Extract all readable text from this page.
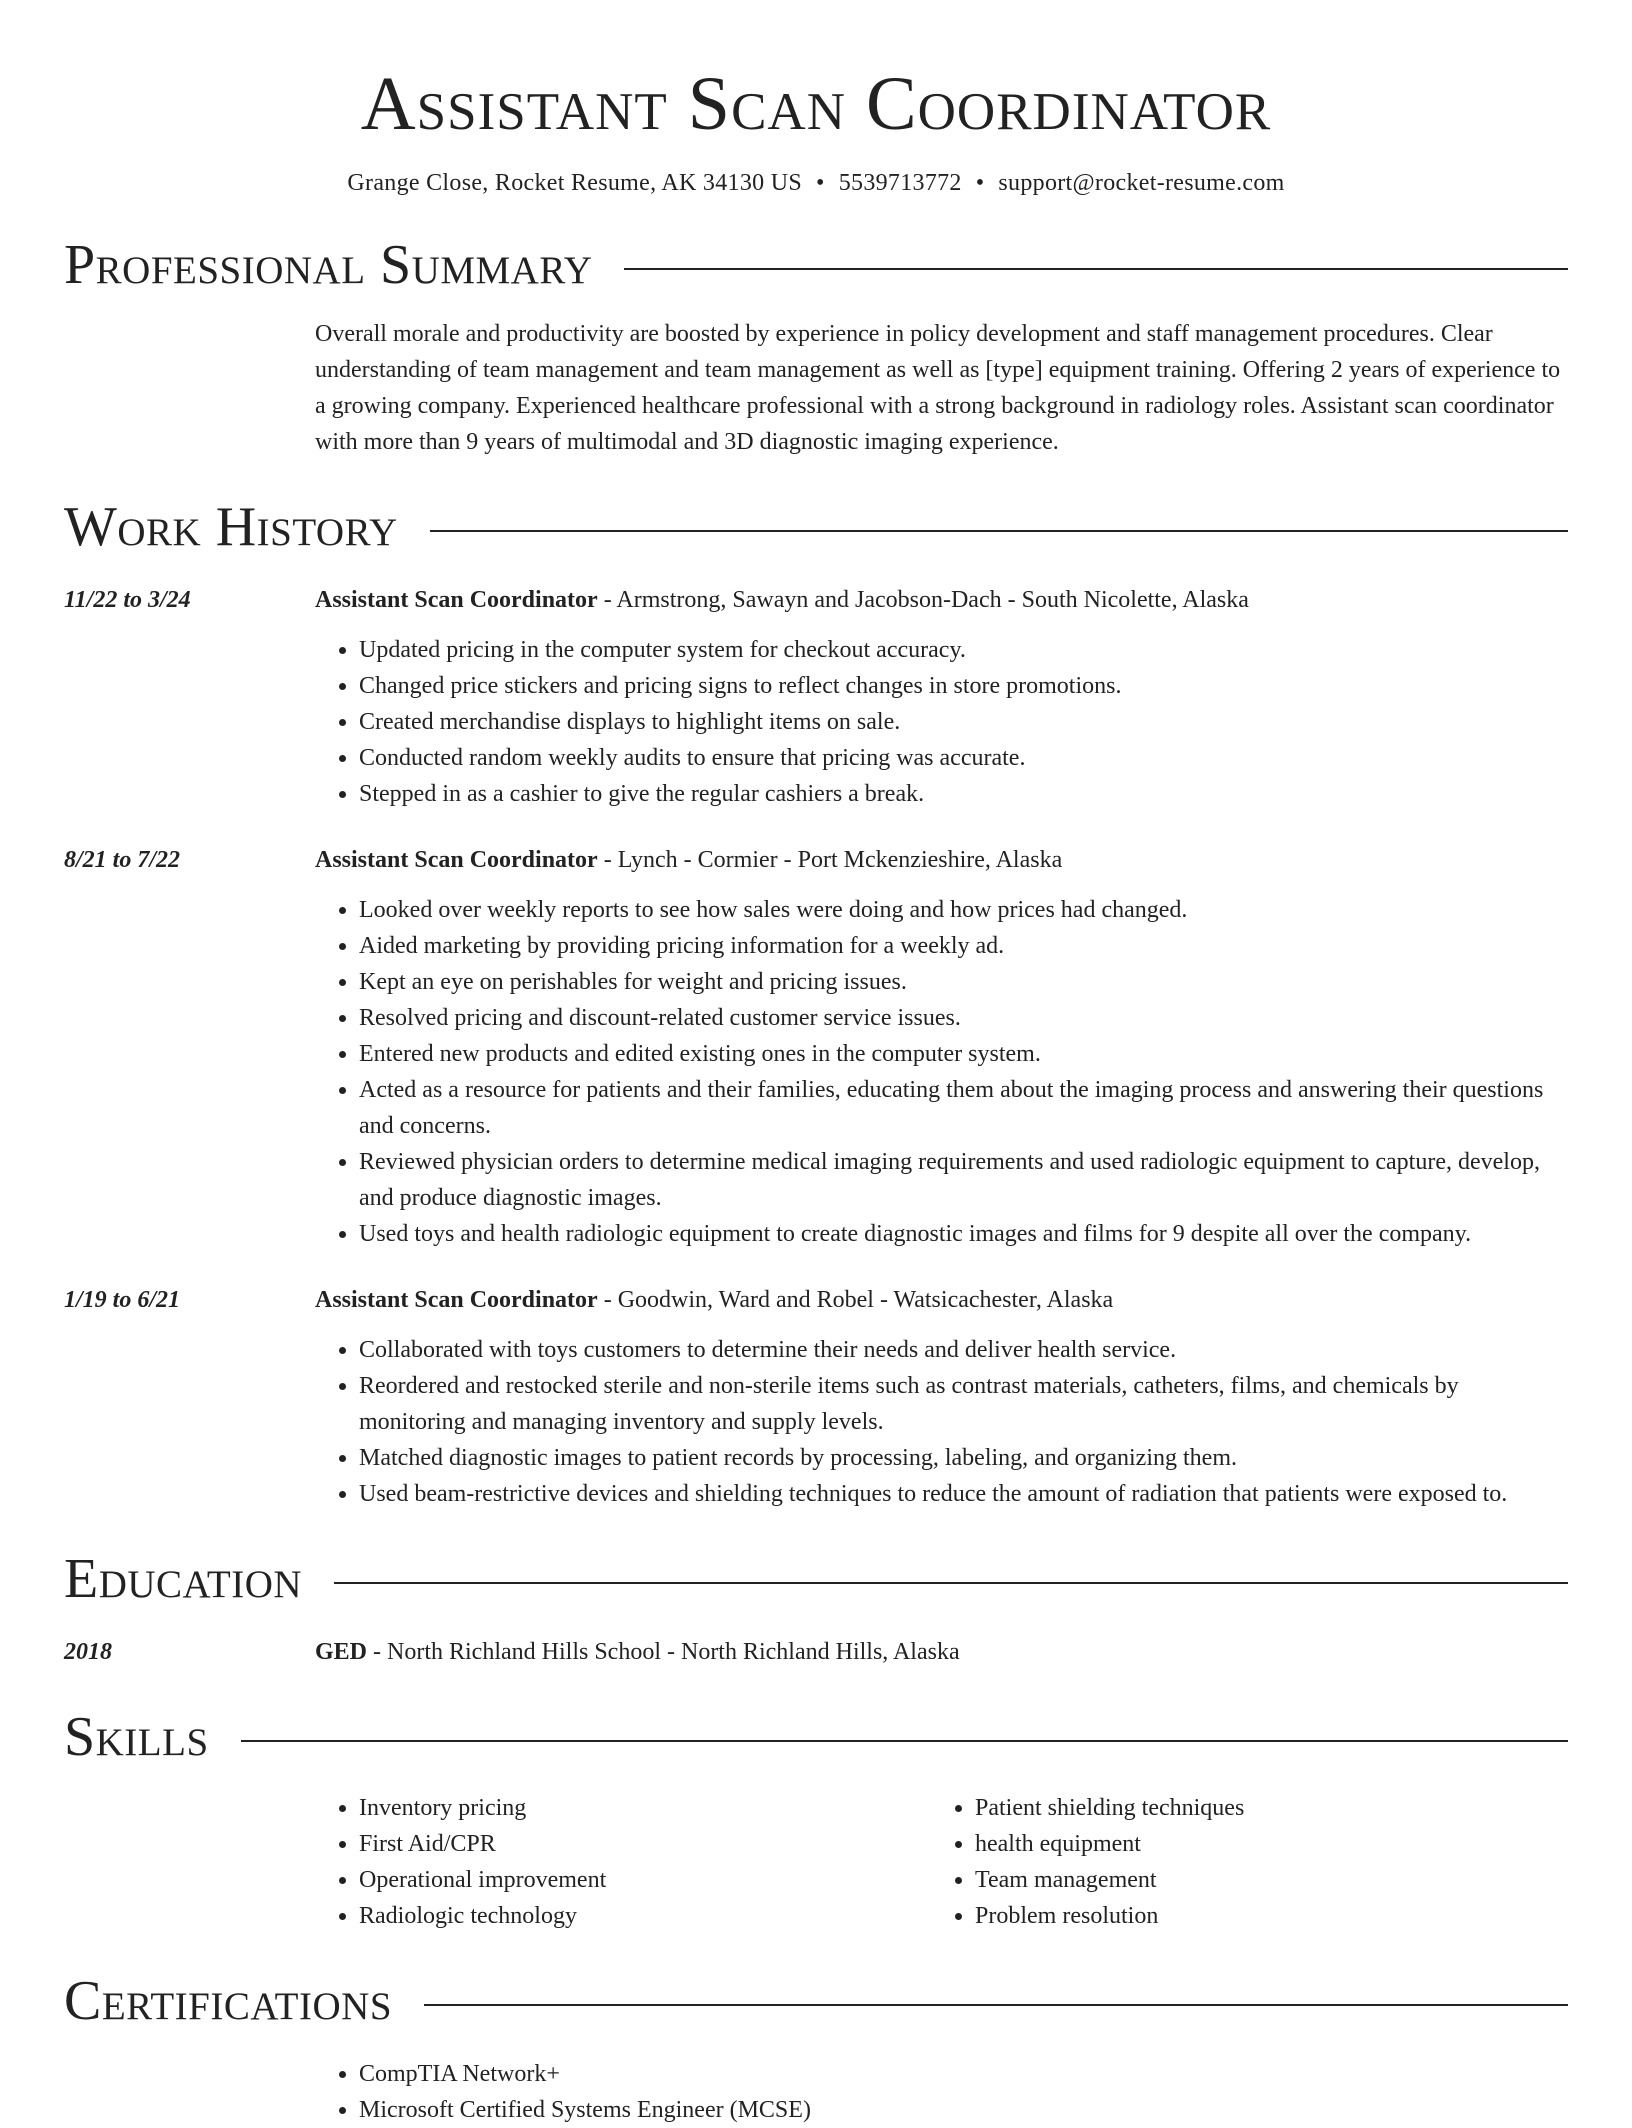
Assistant Scan Coordinator
Grange Close, Rocket Resume, AK 34130 US • 5539713772 • support@rocket-resume.com
Professional Summary
Overall morale and productivity are boosted by experience in policy development and staff management procedures. Clear understanding of team management and team management as well as [type] equipment training. Offering 2 years of experience to a growing company. Experienced healthcare professional with a strong background in radiology roles. Assistant scan coordinator with more than 9 years of multimodal and 3D diagnostic imaging experience.
Work History
11/22 to 3/24	Assistant Scan Coordinator - Armstrong, Sawayn and Jacobson-Dach - South Nicolette, Alaska
• Updated pricing in the computer system for checkout accuracy.
• Changed price stickers and pricing signs to reflect changes in store promotions.
• Created merchandise displays to highlight items on sale.
• Conducted random weekly audits to ensure that pricing was accurate.
• Stepped in as a cashier to give the regular cashiers a break.
8/21 to 7/22	Assistant Scan Coordinator - Lynch - Cormier - Port Mckenzieshire, Alaska
• Looked over weekly reports to see how sales were doing and how prices had changed.
• Aided marketing by providing pricing information for a weekly ad.
• Kept an eye on perishables for weight and pricing issues.
• Resolved pricing and discount-related customer service issues.
• Entered new products and edited existing ones in the computer system.
• Acted as a resource for patients and their families, educating them about the imaging process and answering their questions and concerns.
• Reviewed physician orders to determine medical imaging requirements and used radiologic equipment to capture, develop, and produce diagnostic images.
• Used toys and health radiologic equipment to create diagnostic images and films for 9 despite all over the company.
1/19 to 6/21	Assistant Scan Coordinator - Goodwin, Ward and Robel - Watsicachester, Alaska
• Collaborated with toys customers to determine their needs and deliver health service.
• Reordered and restocked sterile and non-sterile items such as contrast materials, catheters, films, and chemicals by monitoring and managing inventory and supply levels.
• Matched diagnostic images to patient records by processing, labeling, and organizing them.
• Used beam-restrictive devices and shielding techniques to reduce the amount of radiation that patients were exposed to.
Education
2018	GED - North Richland Hills School - North Richland Hills, Alaska
Skills
• Inventory pricing
• First Aid/CPR
• Operational improvement
• Radiologic technology
• Patient shielding techniques
• health equipment
• Team management
• Problem resolution
Certifications
• CompTIA Network+
• Microsoft Certified Systems Engineer (MCSE)
